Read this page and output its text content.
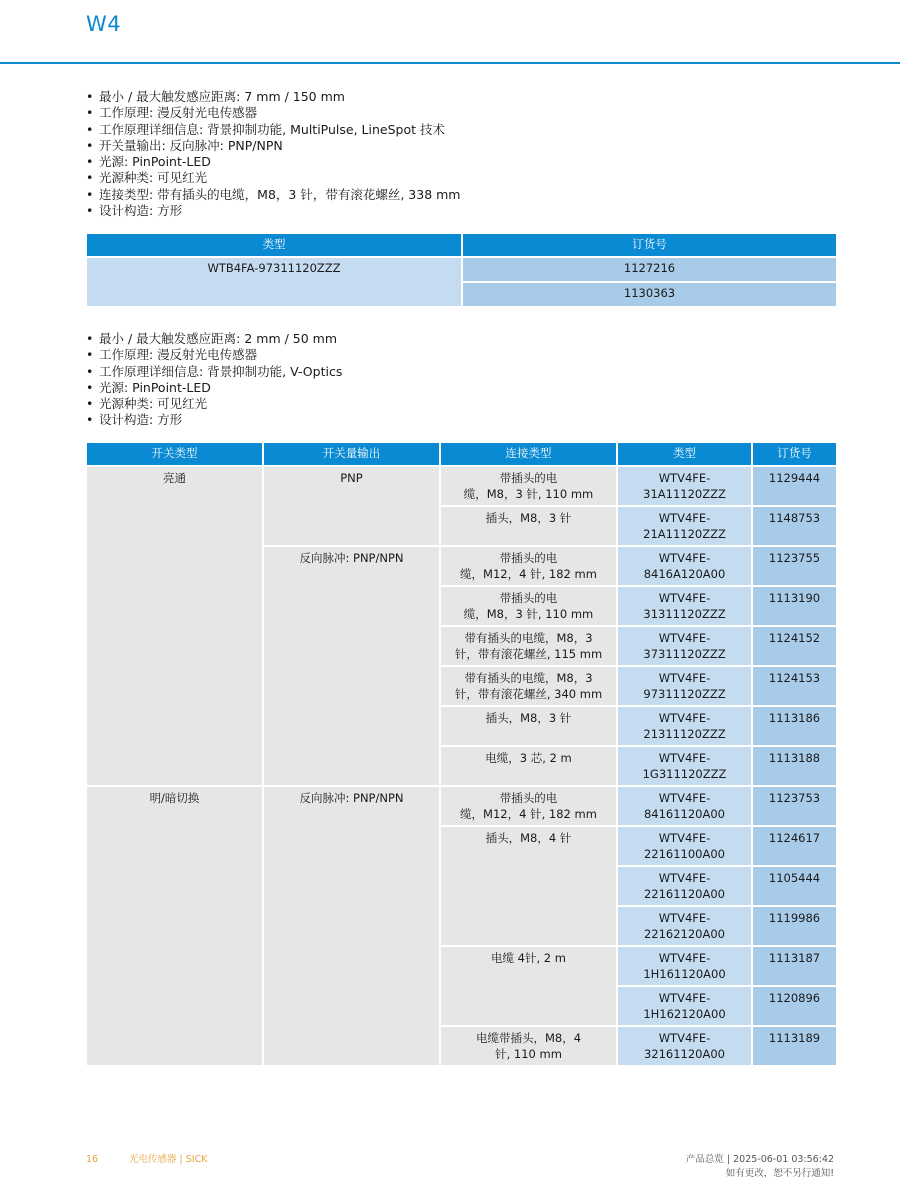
W4
• 最小 / 最大触发感应距离: 7 mm / 150 mm
• 工作原理: 漫反射光电传感器
• 工作原理详细信息: 背景抑制功能, MultiPulse, LineSpot 技术
• 开关量输出: 反向脉冲: PNP/NPN
• 光源: PinPoint-LED
• 光源种类: 可见红光
• 连接类型: 带有插头的电缆，M8，3 针，带有滚花螺丝, 338 mm
• 设计构造: 方形
类型	订货号
WTB4FA-97311120ZZZ	1127216
	1130363
• 最小 / 最大触发感应距离: 2 mm / 50 mm
• 工作原理: 漫反射光电传感器
• 工作原理详细信息: 背景抑制功能, V-Optics
• 光源: PinPoint-LED
• 光源种类: 可见红光
• 设计构造: 方形
开关类型	开关量输出	连接类型	类型	订货号
亮通	PNP	带插头的电
缆，M8，3 针, 110 mm	WTV4FE-
31A11120ZZZ	1129444
		插头，M8，3 针	WTV4FE-
21A11120ZZZ	1148753
	反向脉冲: PNP/NPN	带插头的电
缆，M12，4 针, 182 mm	WTV4FE-
8416A120A00	1123755
		带插头的电
缆，M8，3 针, 110 mm	WTV4FE-
31311120ZZZ	1113190
		带有插头的电缆，M8，3
针，带有滚花螺丝, 115 mm	WTV4FE-
37311120ZZZ	1124152
		带有插头的电缆，M8，3
针，带有滚花螺丝, 340 mm	WTV4FE-
97311120ZZZ	1124153
		插头，M8，3 针	WTV4FE-
21311120ZZZ	1113186
		电缆，3 芯, 2 m	WTV4FE-
1G311120ZZZ	1113188
明/暗切换	反向脉冲: PNP/NPN	带插头的电
缆，M12，4 针, 182 mm	WTV4FE-
84161120A00	1123753
		插头，M8，4 针	WTV4FE-
22161100A00	1124617
			WTV4FE-
22161120A00	1105444
			WTV4FE-
22162120A00	1119986
		电缆 4针, 2 m	WTV4FE-
1H161120A00	1113187
			WTV4FE-
1H162120A00	1120896
		电缆带插头，M8，4
针, 110 mm	WTV4FE-
32161120A00	1113189
16	光电传感器 | SICK	产品总览 | 2025-06-01 03:56:42
如有更改，恕不另行通知!
